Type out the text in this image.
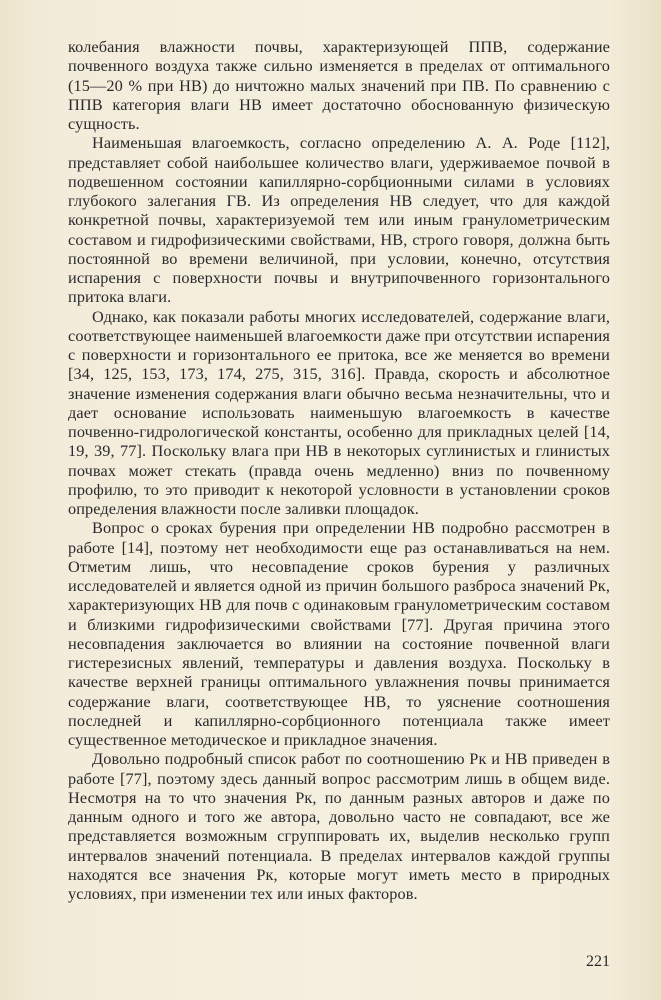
колебания влажности почвы, характеризующей ППВ, содержание почвенного воздуха также сильно изменяется в пределах от оптимального (15—20 % при НВ) до ничтожно малых значений при ПВ. По сравнению с ППВ категория влаги НВ имеет достаточно обоснованную физическую сущность.

Наименьшая влагоемкость, согласно определению А. А. Роде [112], представляет собой наибольшее количество влаги, удерживаемое почвой в подвешенном состоянии капиллярно-сорбционными силами в условиях глубокого залегания ГВ. Из определения НВ следует, что для каждой конкретной почвы, характеризуемой тем или иным гранулометрическим составом и гидрофизическими свойствами, НВ, строго говоря, должна быть постоянной во времени величиной, при условии, конечно, отсутствия испарения с поверхности почвы и внутрипочвенного горизонтального притока влаги.

Однако, как показали работы многих исследователей, содержание влаги, соответствующее наименьшей влагоемкости даже при отсутствии испарения с поверхности и горизонтального ее притока, все же меняется во времени [34, 125, 153, 173, 174, 275, 315, 316]. Правда, скорость и абсолютное значение изменения содержания влаги обычно весьма незначительны, что и дает основание использовать наименьшую влагоемкость в качестве почвенно-гидрологической константы, особенно для прикладных целей [14, 19, 39, 77]. Поскольку влага при НВ в некоторых суглинистых и глинистых почвах может стекать (правда очень медленно) вниз по почвенному профилю, то это приводит к некоторой условности в установлении сроков определения влажности после заливки площадок.

Вопрос о сроках бурения при определении НВ подробно рассмотрен в работе [14], поэтому нет необходимости еще раз останавливаться на нем. Отметим лишь, что несовпадение сроков бурения у различных исследователей и является одной из причин большого разброса значений Pк, характеризующих НВ для почв с одинаковым гранулометрическим составом и близкими гидрофизическими свойствами [77]. Другая причина этого несовпадения заключается во влиянии на состояние почвенной влаги гистерезисных явлений, температуры и давления воздуха. Поскольку в качестве верхней границы оптимального увлажнения почвы принимается содержание влаги, соответствующее НВ, то уяснение соотношения последней и капиллярно-сорбционного потенциала также имеет существенное методическое и прикладное значения.

Довольно подробный список работ по соотношению Pк и НВ приведен в работе [77], поэтому здесь данный вопрос рассмотрим лишь в общем виде. Несмотря на то что значения Pк, по данным разных авторов и даже по данным одного и того же автора, довольно часто не совпадают, все же представляется возможным сгруппировать их, выделив несколько групп интервалов значений потенциала. В пределах интервалов каждой группы находятся все значения Pк, которые могут иметь место в природных условиях, при изменении тех или иных факторов.

221
